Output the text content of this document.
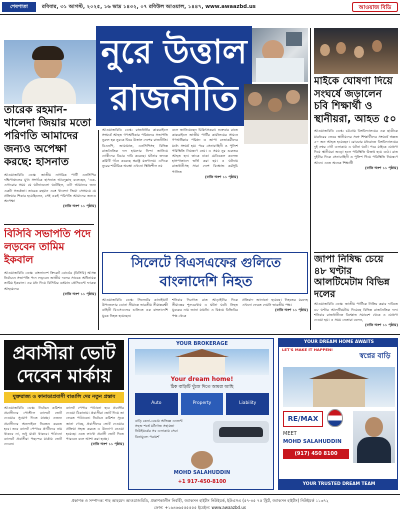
শেষপাতা	রবিবার, ৩১ আগস্ট, ২০২৫, ১৬ ভাদ্র ১৪৩২, ০৭ রবিউল আওয়াল, ১৪৪৭, www.awaazbd.us	আওয়াজ বিডি
নুরে উত্তাল
রাজনীতি
তারেক রহমান-খালেদা জিয়ার মতো পরিণতি আমাদের জন্যও অপেক্ষা করছে: হাসনাত
আওয়াজবিডি ডেস্ক: জাতীয় নাগরিক পার্টি এনসিপির দক্ষিণাঞ্চলের মুখ্য সংগঠক হাসনাত আবদুল্লাহ বলেছেন, ‘এক-এগারোর সময় যে ঘটনাগুলো ঘটেছিল, এটা আমাদের জন্য একটা সতর্কতা। তারেক রহমান এবং খালেদা জিয়া সেসময়ে যে প্রক্রিয়ার শিকার হয়েছিলেন, সেই একই পরিণতি আমাদের জন্যও অপেক্ষা
(বাকি অংশ ১১ পৃষ্ঠায়)
বিসিবি সভাপতি পদে লড়বেন তামিম ইকবাল
আওয়াজবিডি ডেস্ক: বাংলাদেশ ক্রিকেট বোর্ডের (বিসিবি) আসন্ন নির্বাচনে সভাপতি পদে লড়বেন জাতীয় দলের সাবেক অধিনায়ক তামিম ইকবাল। এর মধ্য দিয়ে বিসিবির বর্তমান প্রেসিডেন্ট ফারুক আহমেদের
(বাকি অংশ ১১ পৃষ্ঠায়)
আওয়াজবিডি ডেস্ক: রাজধানীর কাকরাইলে সংঘর্ষে আহত গণঅধিকার পরিষদের সভাপতি নুরুল হক নুরকে ঘিরে উত্তাল দেশের রাজনীতি। বিএনপি, জামায়াত, এনসিপিসহ বিভিন্ন রাজনৈতিক দল হামলার নিন্দা জানিয়ে দোষীদের বিচার দাবি করেছে। ঘটনার তদন্তে কমিটি গঠন করেছে স্বরাষ্ট্র মন্ত্রণালয়। এদিকে নুরের শারীরিক অবস্থা এখনো স্থিতিশীল নয়
বলে জানিয়েছেন চিকিৎসকরা। শুক্রবার রাতে কাকরাইলে জাতীয় পার্টির কার্যালয়ের সামনে গণঅধিকার পরিষদ ও জাপা নেতাকর্মীদের মধ্যে সংঘর্ষ হয়। পরে সেনাবাহিনী ও পুলিশ পরিস্থিতি নিয়ন্ত্রণে নেয়। এ সময় নুর গুরুতর আহত হন। তাকে ঢাকা মেডিকেল কলেজ হাসপাতালে ভর্তি করা হয়। এ ঘটনায় রাজধানীসহ সারা দেশে বিক্ষোভ কর্মসূচি পালিত
(বাকি অংশ ১১ পৃষ্ঠায়)
মাইকে ঘোষণা দিয়ে সংঘর্ষে জড়ালেন চবি শিক্ষার্থী ও স্থানীয়রা, আহত ৫০
আওয়াজবিডি ডেস্ক: চট্টগ্রাম বিশ্ববিদ্যালয়ের এক ছাত্রীকে মারধরের জেরে স্থানীয়দের সঙ্গে শিক্ষার্থীদের সংঘর্ষে অন্তত ৫০ জন আহত হয়েছেন। রোববার মধ্যরাতে বিশ্ববিদ্যালয়ের দুই নম্বর গেট এলাকায় এ ঘটনা ঘটে। পরে মাইকে ঘোষণা দিয়ে স্থানীয়রা জড়ো হলে পরিস্থিতি উত্তপ্ত হয়ে ওঠে। রাত দুইটার দিকে সেনাবাহিনী ও পুলিশ গিয়ে পরিস্থিতি নিয়ন্ত্রণে আনে। এতে অনেক শিক্ষার্থী
(বাকি অংশ ১১ পৃষ্ঠায়)
জাপা নিষিদ্ধ চেয়ে ৪৮ ঘণ্টার আলটিমেটাম বিভিন্ন দলের
আওয়াজবিডি ডেস্ক: জাতীয় পার্টিকে নিষিদ্ধ করার দাবিতে ৪৮ ঘণ্টার আলটিমেটাম দিয়েছে বিভিন্ন রাজনৈতিক দল। শনিবার রাজধানীতে বিক্ষোভ সমাবেশ থেকে এ ঘোষণা দেওয়া হয়। এ সময় নেতারা বলেন,
(বাকি অংশ ১১ পৃষ্ঠায়)
সিলেটে বিএসএফের গুলিতে
বাংলাদেশি নিহত
আওয়াজবিডি ডেস্ক: সিলেটের কানাইঘাট উপজেলার ডোনা সীমান্তে ভারতীয় সীমান্তরক্ষী বাহিনী বিএসএফের গুলিতে এক বাংলাদেশি যুবক নিহত হয়েছেন।
শনিবার দিবাগত রাত আড়াইটার দিকে সীমান্তের শূন্যরেখায় এ ঘটনা ঘটে। নিহত যুবকের নাম জানা যায়নি। এ বিষয়ে বিজিবির পক্ষ থেকে
প্রতিবাদ জানানো হয়েছে। নিহতের মরদেহ এখনো ফেরত দেয়নি ভারতীয় পক্ষ।
(বাকি অংশ ১১ পৃষ্ঠায়)
প্রবাসীরা ভোট
দেবেন মার্কায়
যুক্তরাজ্য ও কানাডাপ্রবাসী বাঙালি দের নতুন প্রস্তাব
আওয়াজবিডি ডেস্ক: নির্বাচন কমিশন প্রবাসীদের পোস্টাল ব্যালটে ভোট দেওয়ার সুযোগ দিতে যাচ্ছে। এজন্য প্রবাসীদের অনলাইনে নিবন্ধন করতে হবে। তবে ব্যালট পেপারে প্রার্থীদের নাম থাকবে না, শুধু মার্কা থাকবে। পাঠানো ব্যালটে প্রবাসীরা পছন্দের মার্কায় ভোট দেবেন।
ব্যালট পেপার পাঠানো হবে প্রবাসীর দেওয়া ঠিকানায়। প্রবাসীরা ভোট দিয়ে তা ফেরত পাঠাবেন। নির্বাচন কমিশন সূত্রে জানা গেছে, প্রবাসীদের ভোট দেওয়ার প্রক্রিয়া সহজ করতে এ উদ্যোগ নেওয়া হয়েছে। এতে লাখো প্রবাসী ভোট দিতে পারবেন বলে আশা করা হচ্ছে।
(বাকি অংশ ১১ পৃষ্ঠায়)
YOUR BROKERAGE
Your dream home!
ঠিক বাড়িটি খুঁজে দিতে আমরা আছি
Auto	Property	Liability
বাড়ি কেনা-বেচায় অভিজ্ঞ এজেন্ট
সহজ শর্তে মর্টগেজ সহায়তা
নিউইয়র্কের সব এলাকায় সেবা
বিনামূল্যে পরামর্শ
MOHD SALAHUDDIN
+1 917-450-8100
YOUR DREAM HOME AWAITS
LET'S MAKE IT HAPPEN!
স্বপ্নের বাড়ি
RE/MAX
MEET
MOHD SALAHUDDIN
(917) 450 8100
YOUR TRUSTED DREAM TEAM
প্রকাশক ও সম্পাদক: শাহ আহমেদ আওয়াজবিডি, প্রকাশকালীন নির্বাহী, জ্যাকসন হাইটস নিউইয়র্ক, ইউএসএ (৫৭-৪৫ ৭৫ স্ট্রিট, জ্যাকসন হাইটস) নিউইয়র্ক ১১৩৭২
ফোন: +১৬৪৬৬৫৫৫৫৫৫ ইমেইল: www.awaazbd.us
